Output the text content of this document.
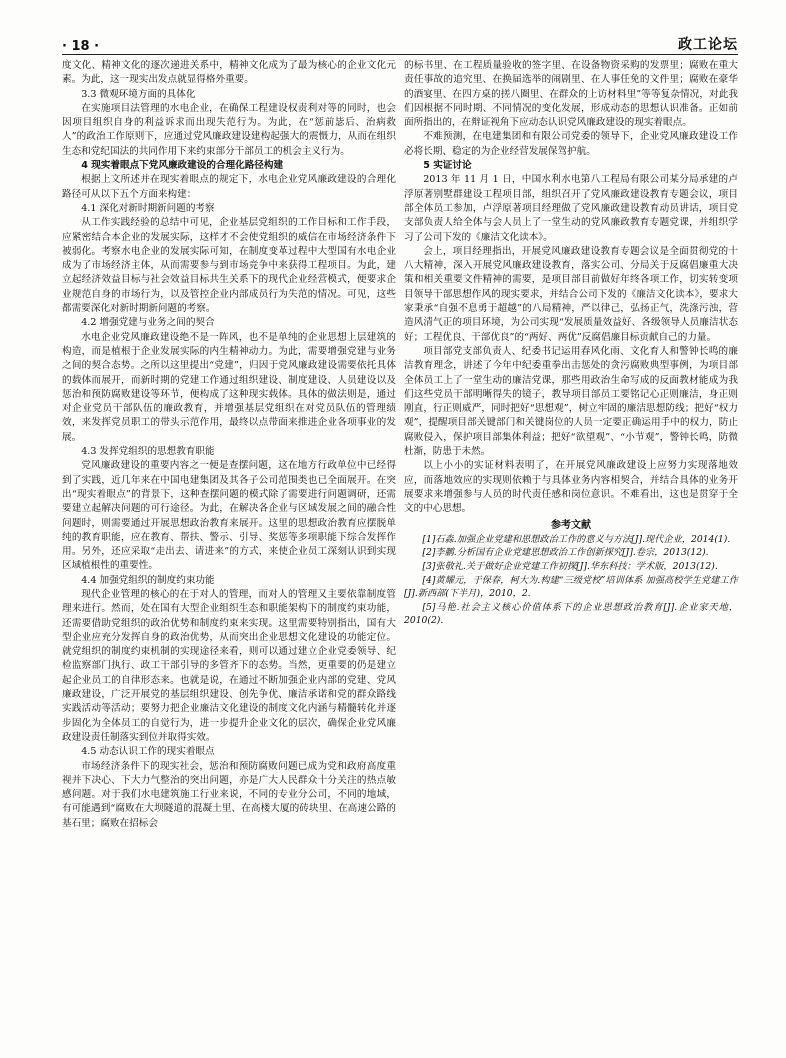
· 18 ·	政工论坛

度文化、精神文化的逐次递进关系中，精神文化成为了最为核心的企业文化元素。为此，这一现实出发点就显得格外重要。

3.3 微观环境方面的具体化

在实施项目法管理的水电企业，在确保工程建设权责利对等的同时，也会因项目组织自身的利益诉求而出现失范行为。为此，在“惩前毖后、治病救人”的政治工作原则下，应通过党风廉政建设建构起强大的震慑力，从而在组织生态和党纪国法的共同作用下来约束部分干部员工的机会主义行为。

4 现实着眼点下党风廉政建设的合理化路径构建

根据上文所述并在现实着眼点的规定下，水电企业党风廉政建设的合理化路径可从以下五个方面来构建：

4.1 深化对新时期新问题的考察

从工作实践经验的总结中可见，企业基层党组织的工作目标和工作手段，应紧密结合本企业的发展实际，这样才不会使党组织的威信在市场经济条件下被弱化。考察水电企业的发展实际可知，在制度变革过程中大型国有水电企业成为了市场经济主体，从而需要参与到市场竞争中来获得工程项目。为此，建立起经济效益目标与社会效益目标共生关系下的现代企业经营模式，便要求企业规范自身的市场行为，以及管控企业内部成员行为失范的情况。可见，这些都需要深化对新时期新问题的考察。

4.2 增强党建与业务之间的契合

水电企业党风廉政建设绝不是一阵风，也不是单纯的企业思想上层建筑的构造，而是植根于企业发展实际的内生精神动力。为此，需要增强党建与业务之间的契合态势。之所以这里提出“党建”，归因于党风廉政建设需要依托具体的载体而展开，而新时期的党建工作通过组织建设、制度建设、人员建设以及惩治和预防腐败建设等环节，便构成了这种现实载体。具体的做法则是，通过对企业党员干部队伍的廉政教育，并增强基层党组织在对党员队伍的管理绩效，来发挥党员职工的带头示范作用，最终以点带面来推进企业各项事业的发展。

4.3 发挥党组织的思想教育职能

党风廉政建设的重要内容之一便是查摆问题，这在地方行政单位中已经得到了实践，近几年来在中国电建集团及其各子公司范围类也已全面展开。在突出“现实着眼点”的背景下，这种查摆问题的模式除了需要进行问题调研，还需要建立起解决问题的可行途径。为此，在解决各企业与区域发展之间的融合性问题时，则需要通过开展思想政治教育来展开。这里的思想政治教育应摆脱单纯的教育职能，应在教育、帮扶、警示、引导、奖惩等多项职能下综合发挥作用。另外，还应采取“走出去、请进来”的方式，来使企业员工深刻认识到实现区域植根性的重要性。

4.4 加强党组织的制度约束功能

现代企业管理的核心的在于对人的管理，而对人的管理又主要依靠制度管理来进行。然而，处在国有大型企业组织生态和职能架构下的制度约束功能，还需要借助党组织的政治优势和制度约束来实现。这里需要特别指出，国有大型企业应充分发挥自身的政治优势，从而突出企业思想文化建设的功能定位。就党组织的制度约束机制的实现途径来看，则可以通过建立企业党委领导、纪检监察部门执行、政工干部引导的多管齐下的态势。当然，更重要的仍是建立起企业员工的自律形态来。也就是说，在通过不断加强企业内部的党建、党风廉政建设，广泛开展党的基层组织建设、创先争优、廉洁承诺和党的群众路线实践活动等活动；要努力把企业廉洁文化建设的制度文化内涵与精髓转化并逐步固化为全体员工的自觉行为，进一步提升企业文化的层次，确保企业党风廉政建设责任制落实到位并取得实效。

4.5 动态认识工作的现实着眼点

市场经济条件下的现实社会，惩治和预防腐败问题已成为党和政府高度重视并下决心、下大力气整治的突出问题，亦是广大人民群众十分关注的热点敏感问题。对于我们水电建筑施工行业来说，不同的专业分公司，不同的地域，有可能遇到“腐败在大坝隧道的混凝土里、在高楼大厦的砖块里、在高速公路的基石里；腐败在招标会

的标书里、在工程质量验收的签字里、在设备物资采购的发票里；腐败在重大责任事故的追究里、在换届选举的闹剧里、在人事任免的文件里；腐败在豪华的酒宴里、在四方桌的搓八圈里、在群众的上访材料里”等等复杂情况，对此我们因根据不同时期、不同情况的变化发展，形成动态的思想认识准备。正如前面所指出的，在辩证视角下应动态认识党风廉政建设的现实着眼点。

不难预测，在电建集团和有限公司党委的领导下，企业党风廉政建设工作必将长期、稳定的为企业经营发展保驾护航。

5 实证讨论

2013 年 11 月 1 日，中国水利水电第八工程局有限公司某分局承建的卢浮原著别墅群建设工程项目部，组织召开了党风廉政建设教育专题会议，项目部全体员工参加，卢浮原著项目经理做了党风廉政建设教育动员讲话，项目党支部负责人给全体与会人员上了一堂生动的党风廉政教育专题党课，并组织学习了公司下发的《廉洁文化读本》。

会上，项目经理指出，开展党风廉政建设教育专题会议是全面贯彻党的十八大精神，深入开展党风廉政建设教育，落实公司、分局关于反腐倡廉重大决策和相关重要文件精神的需要，是项目部目前做好年终各项工作，切实转变项目领导干部思想作风的现实要求，并结合公司下发的《廉洁文化读本》，要求大家秉承“自强不息勇于超越”的八局精神，严以律己，弘扬正气，洗涤污浊，营造风清气正的项目环境，为公司实现“发展质量效益好、各级领导人员廉洁状态好；工程优良、干部优良”的“两好、两优”反腐倡廉目标贡献自己的力量。

项目部党支部负责人、纪委书记运用春风化雨、文化育人和警钟长鸣的廉洁教育理念，讲述了今年中纪委重拳出击惩处的贪污腐败典型事例，为项目部全体员工上了一堂生动的廉洁党课，那些用政治生命写成的反面教材能成为我们这些党员干部明晰得失的镜子，教导项目部员工要铭记心正则廉洁，身正则刚直，行正则威严，同时把好“思想观”，树立牢固的廉洁思想防线；把好“权力观”，提醒项目部关键部门和关键岗位的人员一定要正确运用手中的权力，防止腐败侵入，保护项目部集体利益；把好“欲望观”、“小节观”，警钟长鸣，防微杜渐，防患于未然。

以上小小的实证材料表明了，在开展党风廉政建设上应努力实现落地效应，而落地效应的实现则依赖于与具体业务内容相契合，并结合具体的业务开展要求来增强参与人员的时代责任感和岗位意识。不难看出，这也是贯穿于全文的中心思想。

参考文献

[1]石淼.加强企业党建和思想政治工作的意义与方法[J].现代企业，2014(1).

[2]李鹏.分析国有企业党建思想政治工作创新探究[J].卷宗，2013(12).

[3]张敬礼.关于做好企业党建工作初探[J].华东科技：学术版，2013(12).

[4]黄耀元，于保春，柯大为.构建“三级党校”培训体系 加强高校学生党建工作[J].新西部(下半月)，2010，2.

[5]马艳.社会主义核心价值体系下的企业思想政治教育[J].企业家天地，2010(2).
